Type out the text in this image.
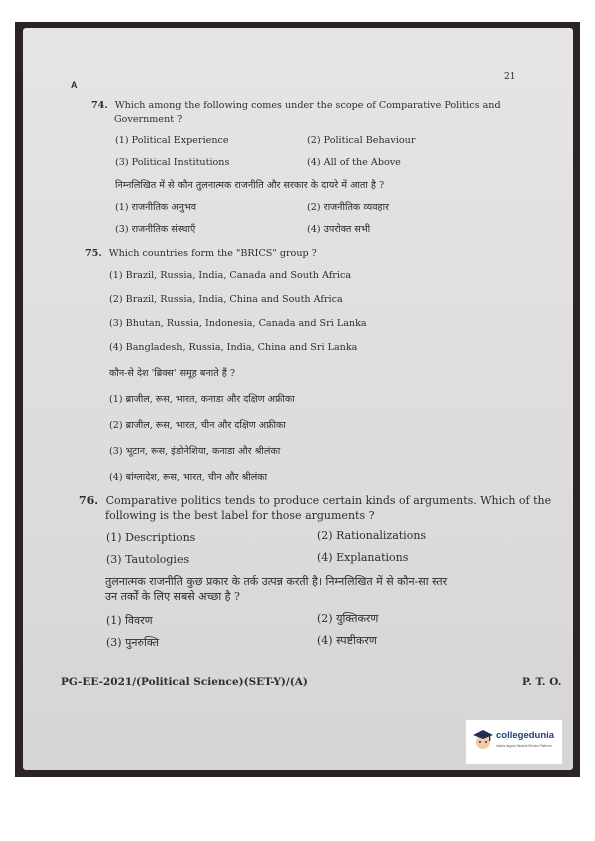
A
21
74. Which among the following comes under the scope of Comparative Politics and
Government ?
(1) Political Experience	(2) Political Behaviour
(3) Political Institutions	(4) All of the Above
निम्नलिखित में से कौन तुलनात्मक राजनीति और सरकार के दायरे में आता है ?
(1) राजनीतिक अनुभव	(2) राजनीतिक व्यवहार
(3) राजनीतिक संस्थाएँ	(4) उपरोक्त सभी
75. Which countries form the "BRICS" group ?
(1) Brazil, Russia, India, Canada and South Africa
(2) Brazil, Russia, India, China and South Africa
(3) Bhutan, Russia, Indonesia, Canada and Sri Lanka
(4) Bangladesh, Russia, India, China and Sri Lanka
कौन-से देश 'ब्रिक्स' समूह बनाते हैं ?
(1) ब्राजील, रूस, भारत, कनाडा और दक्षिण अफ्रीका
(2) ब्राजील, रूस, भारत, चीन और दक्षिण अफ्रीका
(3) भूटान, रूस, इंडोनेशिया, कनाडा और श्रीलंका
(4) बांग्लादेश, रूस, भारत, चीन और श्रीलंका
76. Comparative politics tends to produce certain kinds of arguments. Which of the
following is the best label for those arguments ?
(1) Descriptions	(2) Rationalizations
(3) Tautologies	(4) Explanations
तुलनात्मक राजनीति कुछ प्रकार के तर्क उत्पन्न करती है। निम्नलिखित में से कौन-सा स्तर
उन तर्कों के लिए सबसे अच्छा है ?
(1) विवरण	(2) युक्तिकरण
(3) पुनरुक्ति	(4) स्पष्टीकरण
PG-EE-2021/(Political Science)(SET-Y)/(A)	P. T. O.
collegedunia
India's largest Student Review Platform
